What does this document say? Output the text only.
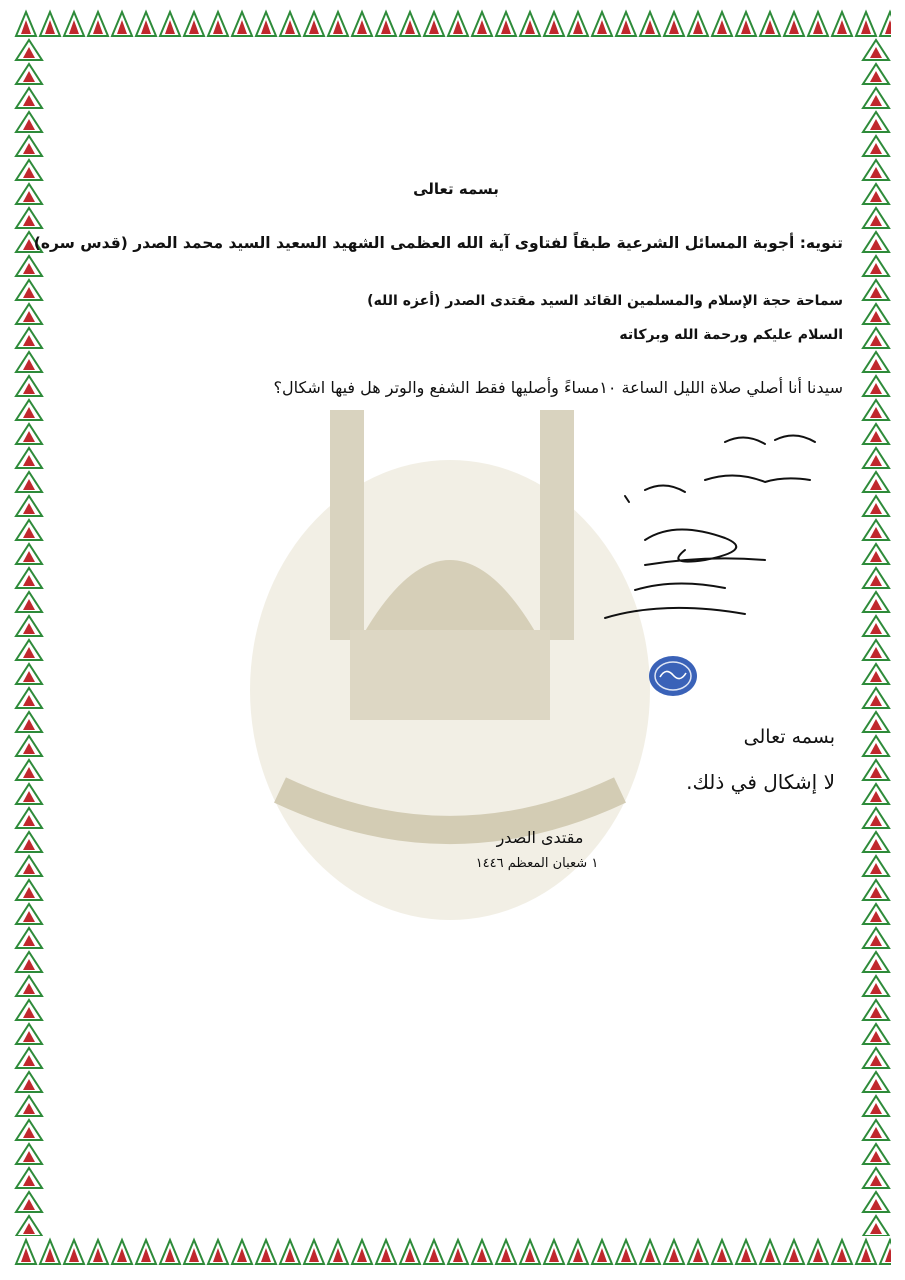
بسمه تعالى
تنويه: أجوبة المسائل الشرعية طبقاً لفتاوى آية الله العظمى الشهيد السعيد السيد محمد الصدر (قدس سره)
سماحة حجة الإسلام والمسلمين القائد السيد مقتدى الصدر (أعزه الله)
السلام عليكم ورحمة الله وبركاته
سيدنا أنا أصلي صلاة الليل الساعة ١٠مساءً وأصليها فقط الشفع والوتر هل فيها اشكال؟
بسمه تعالى
لا إشكال في ذلك.
مقتدى الصدر
١ شعبان المعظم ١٤٤٦
